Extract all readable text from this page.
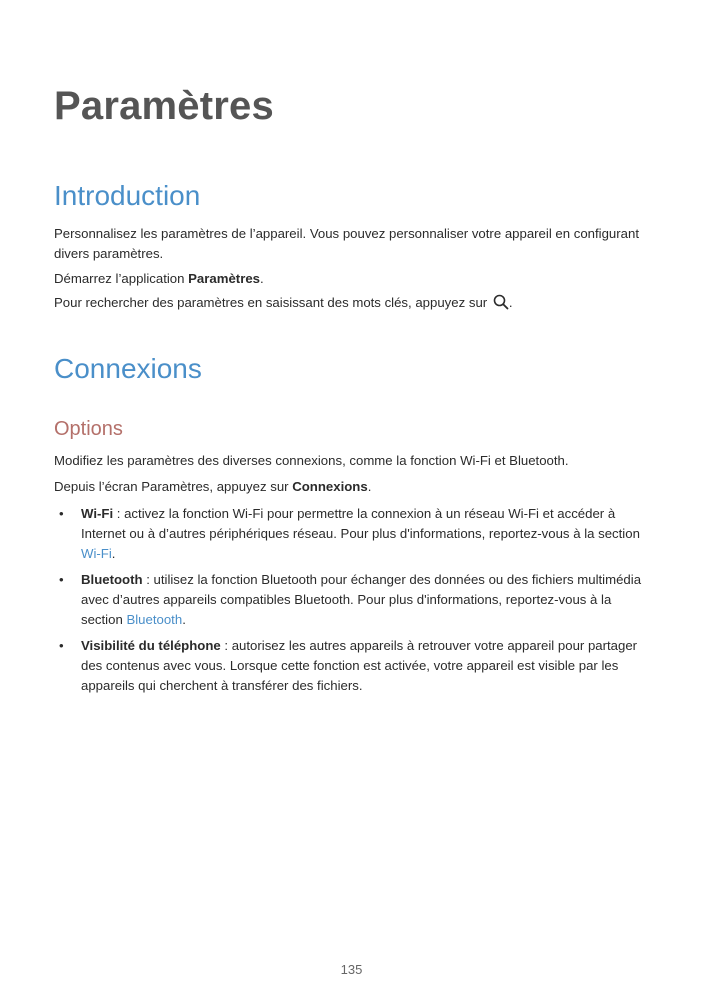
Paramètres
Introduction

Personnalisez les paramètres de l’appareil. Vous pouvez personnaliser votre appareil en configurant divers paramètres.

Démarrez l’application Paramètres.

Pour rechercher des paramètres en saisissant des mots clés, appuyez sur .

Connexions
Options

Modifiez les paramètres des diverses connexions, comme la fonction Wi-Fi et Bluetooth.

Depuis l’écran Paramètres, appuyez sur Connexions.

• Wi-Fi : activez la fonction Wi-Fi pour permettre la connexion à un réseau Wi-Fi et accéder à Internet ou à d’autres périphériques réseau. Pour plus d'informations, reportez-vous à la section Wi-Fi.
• Bluetooth : utilisez la fonction Bluetooth pour échanger des données ou des fichiers multimédia avec d’autres appareils compatibles Bluetooth. Pour plus d'informations, reportez-vous à la section Bluetooth.
• Visibilité du téléphone : autorisez les autres appareils à retrouver votre appareil pour partager des contenus avec vous. Lorsque cette fonction est activée, votre appareil est visible par les appareils qui cherchent à transférer des fichiers.
135
